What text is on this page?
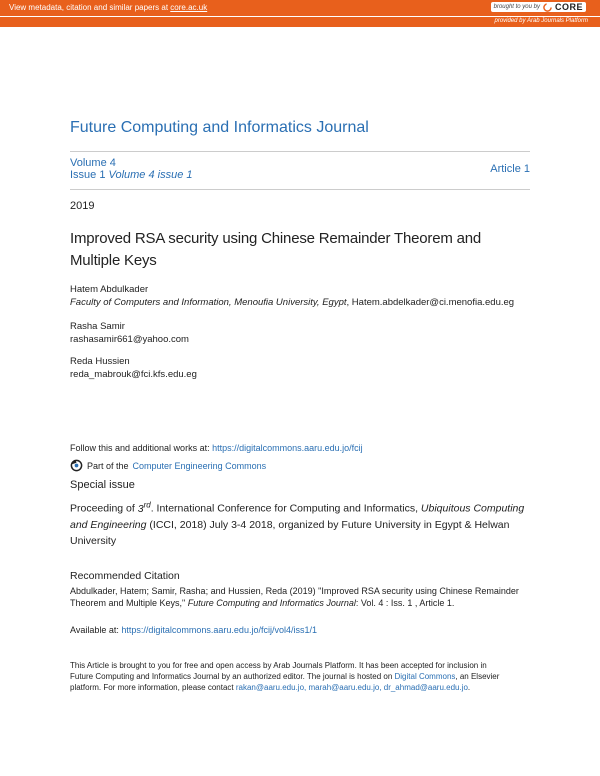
View metadata, citation and similar papers at core.ac.uk
provided by Arab Journals Platform
brought to you by CORE
Future Computing and Informatics Journal
Volume 4
Issue 1 Volume 4 issue 1	Article 1
2019
Improved RSA security using Chinese Remainder Theorem and Multiple Keys
Hatem Abdulkader
Faculty of Computers and Information, Menoufia University, Egypt, Hatem.abdelkader@ci.menofia.edu.eg
Rasha Samir
rashasamir661@yahoo.com
Reda Hussien
reda_mabrouk@fci.kfs.edu.eg
Follow this and additional works at: https://digitalcommons.aaru.edu.jo/fcij
Part of the Computer Engineering Commons
Special issue
Proceeding of 3rd. International Conference for Computing and Informatics, Ubiquitous Computing and Engineering (ICCI, 2018) July 3-4 2018, organized by Future University in Egypt & Helwan University
Recommended Citation
Abdulkader, Hatem; Samir, Rasha; and Hussien, Reda (2019) "Improved RSA security using Chinese Remainder Theorem and Multiple Keys," Future Computing and Informatics Journal: Vol. 4 : Iss. 1 , Article 1.
Available at: https://digitalcommons.aaru.edu.jo/fcij/vol4/iss1/1
This Article is brought to you for free and open access by Arab Journals Platform. It has been accepted for inclusion in Future Computing and Informatics Journal by an authorized editor. The journal is hosted on Digital Commons, an Elsevier platform. For more information, please contact rakan@aaru.edu.jo, marah@aaru.edu.jo, dr_ahmad@aaru.edu.jo.
